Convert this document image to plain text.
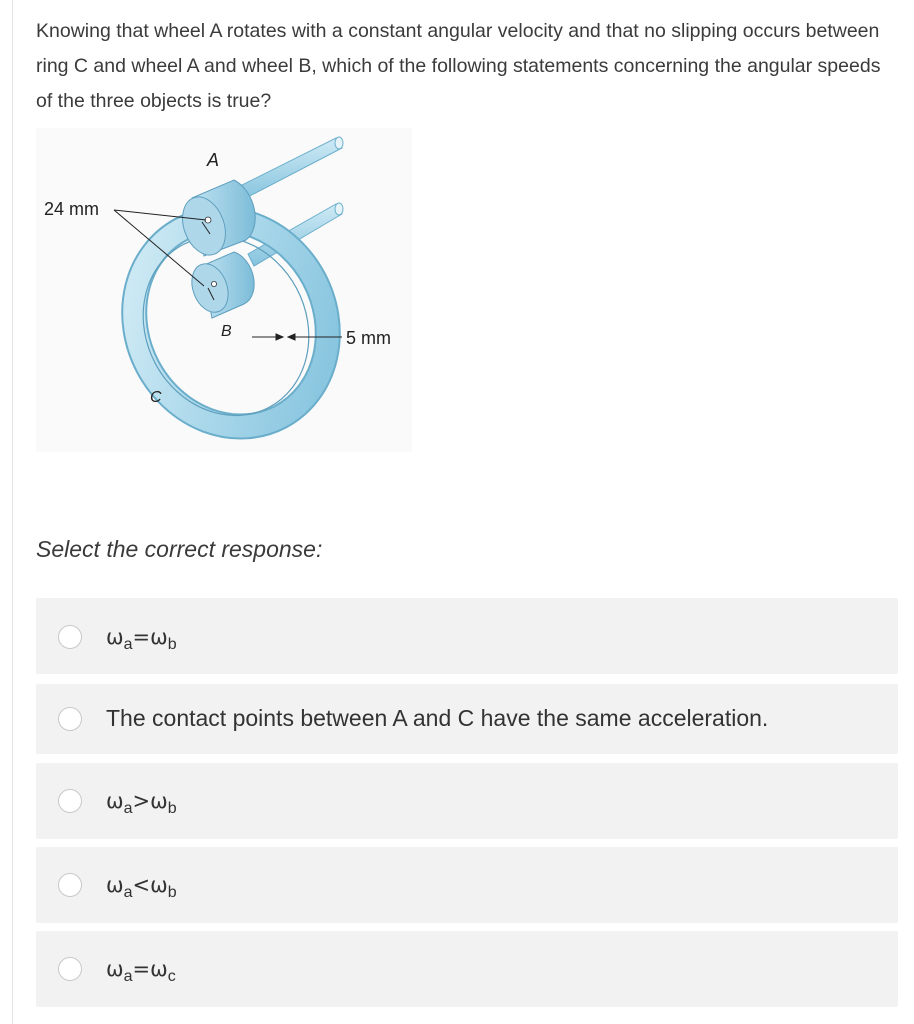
Knowing that wheel A rotates with a constant angular velocity and that no slipping occurs between ring C and wheel A and wheel B, which of the following statements concerning the angular speeds of the three objects is true?
A
B
C
24 mm
5 mm
Select the correct response:
$\omega_a=\omega_b$
The contact points between A and C have the same acceleration.
$\omega_a>\omega_b$
$\omega_a<\omega_b$
$\omega_a=\omega_c$
